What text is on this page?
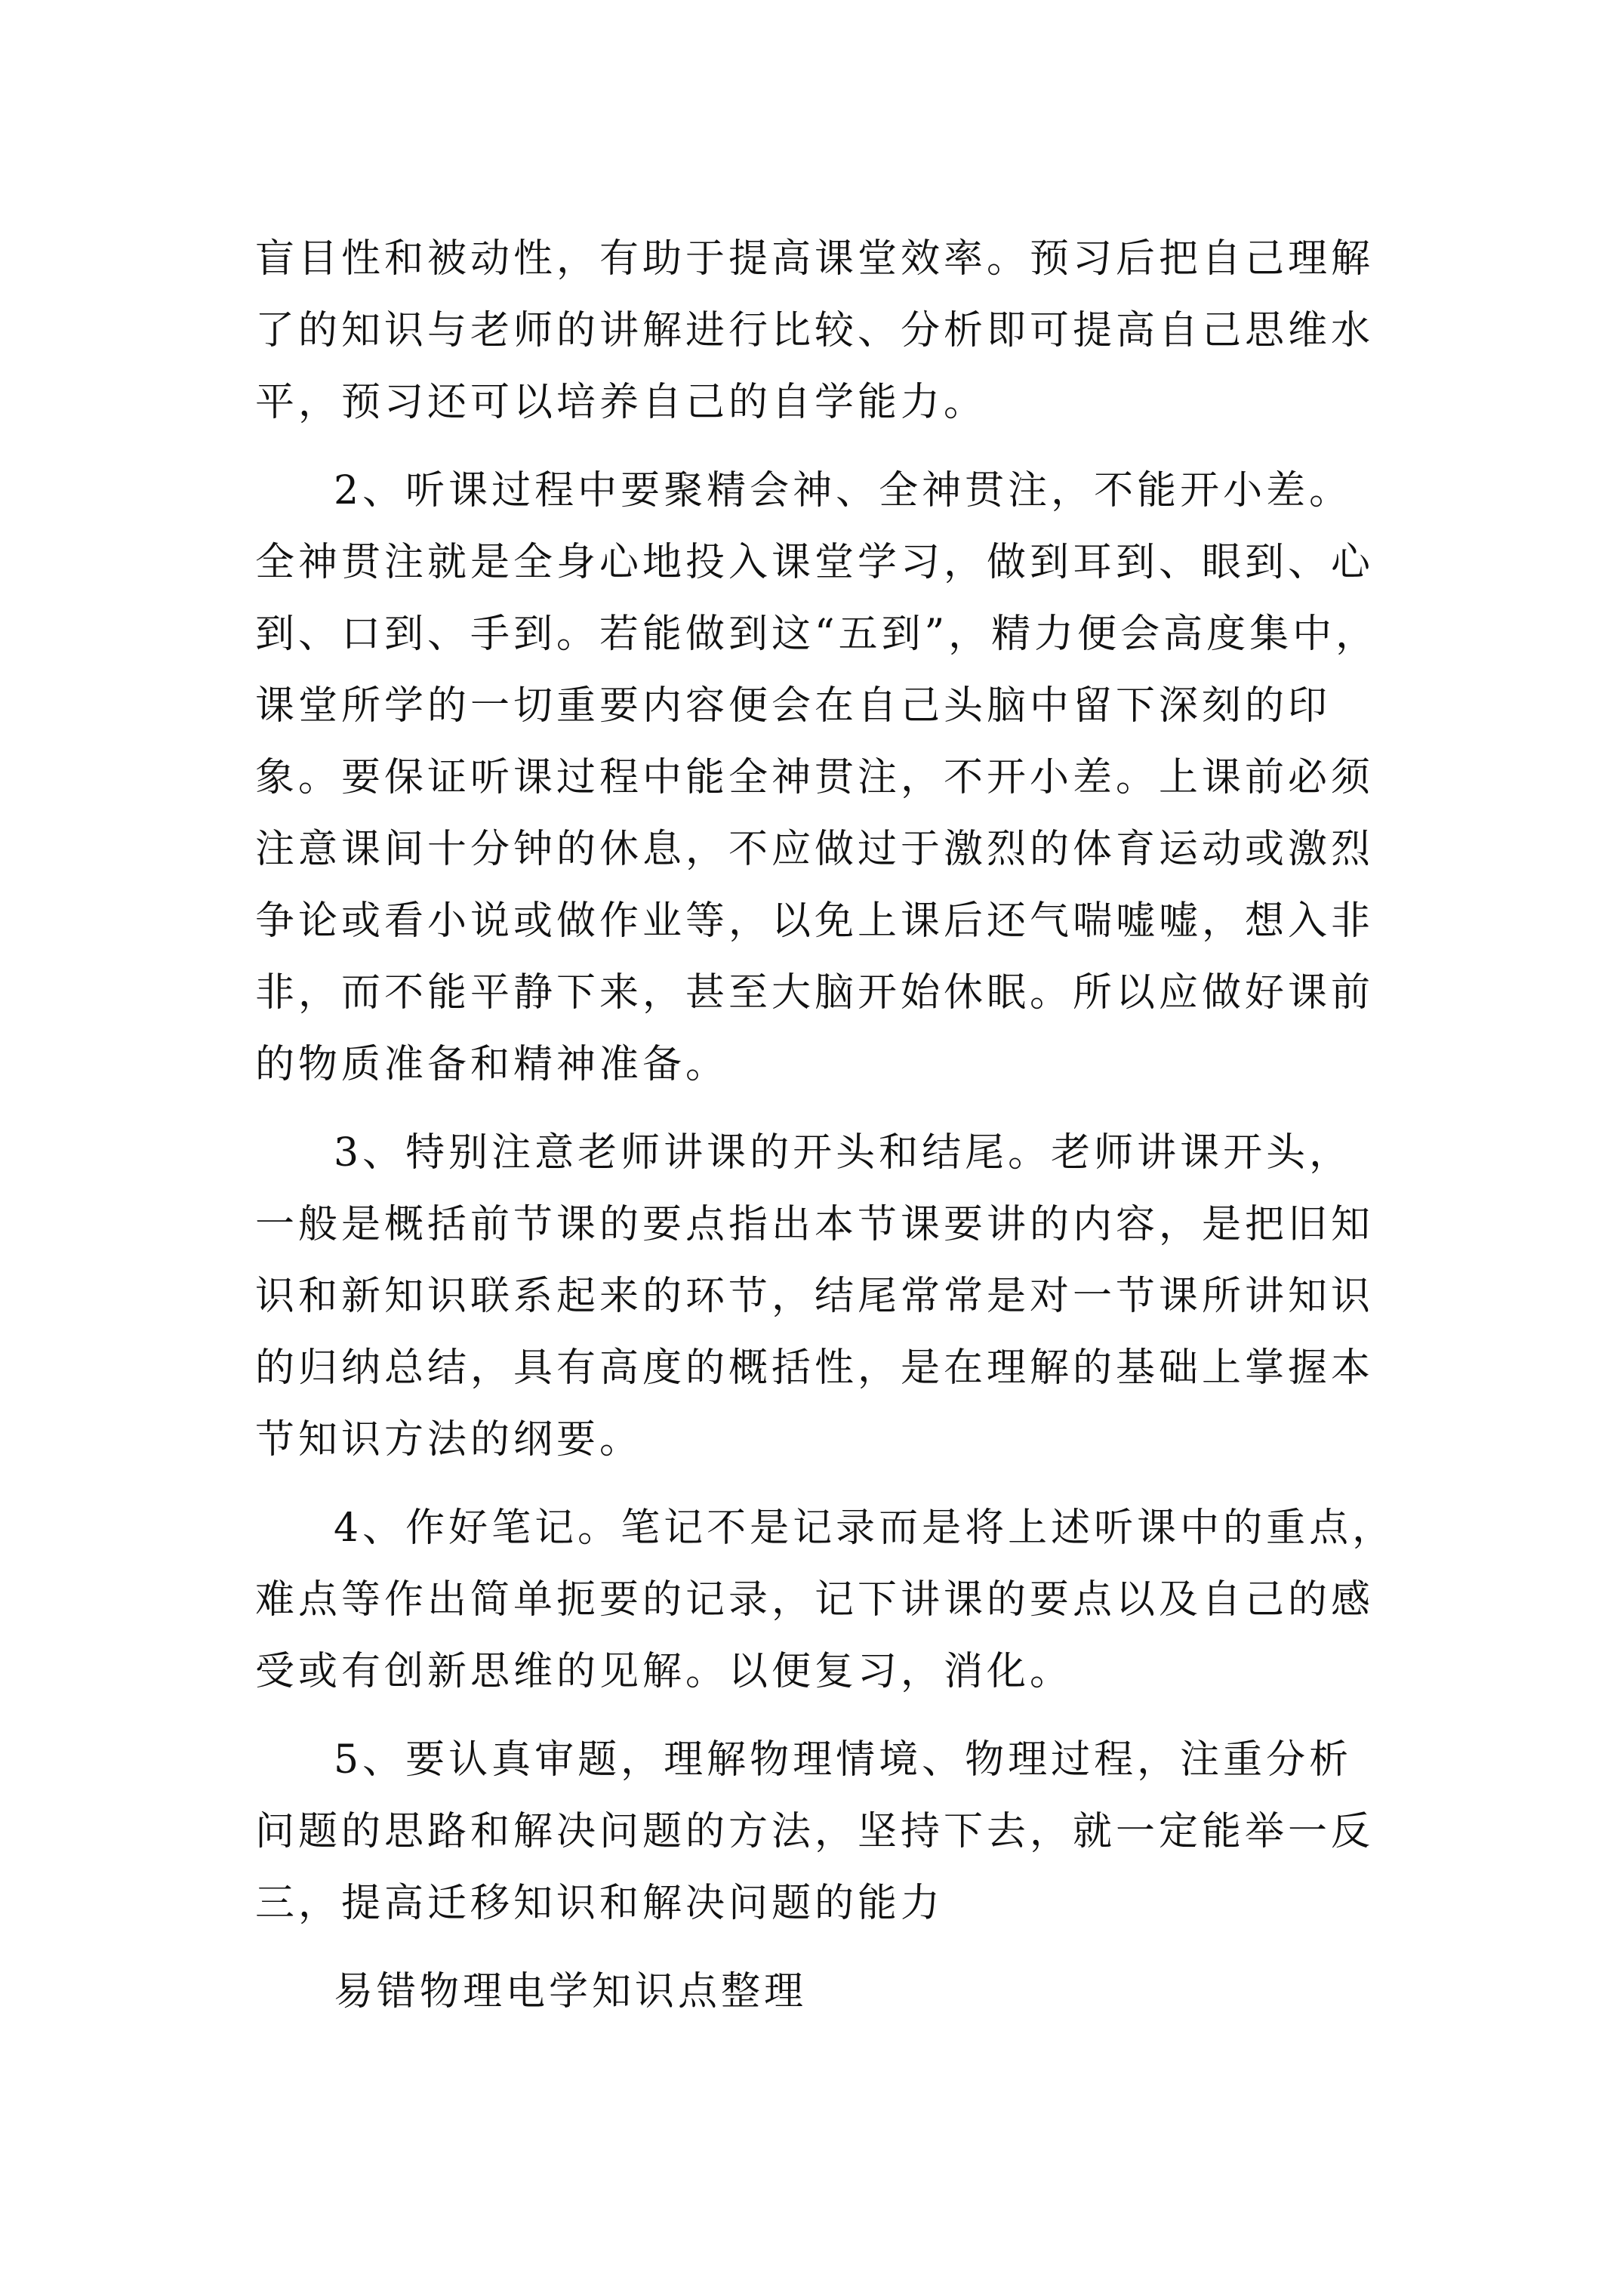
盲目性和被动性，有助于提高课堂效率。预习后把自己理解
了的知识与老师的讲解进行比较、分析即可提高自己思维水
平，预习还可以培养自己的自学能力。
2、听课过程中要聚精会神、全神贯注，不能开小差。
全神贯注就是全身心地投入课堂学习，做到耳到、眼到、心
到、口到、手到。若能做到这“五到”，精力便会高度集中，
课堂所学的一切重要内容便会在自己头脑中留下深刻的印
象。要保证听课过程中能全神贯注，不开小差。上课前必须
注意课间十分钟的休息，不应做过于激烈的体育运动或激烈
争论或看小说或做作业等，以免上课后还气喘嘘嘘，想入非
非，而不能平静下来，甚至大脑开始休眠。所以应做好课前
的物质准备和精神准备。
3、特别注意老师讲课的开头和结尾。老师讲课开头，
一般是概括前节课的要点指出本节课要讲的内容，是把旧知
识和新知识联系起来的环节，结尾常常是对一节课所讲知识
的归纳总结，具有高度的概括性，是在理解的基础上掌握本
节知识方法的纲要。
4、作好笔记。笔记不是记录而是将上述听课中的重点，
难点等作出简单扼要的记录，记下讲课的要点以及自己的感
受或有创新思维的见解。以便复习，消化。
5、要认真审题，理解物理情境、物理过程，注重分析
问题的思路和解决问题的方法，坚持下去，就一定能举一反
三，提高迁移知识和解决问题的能力
易错物理电学知识点整理
